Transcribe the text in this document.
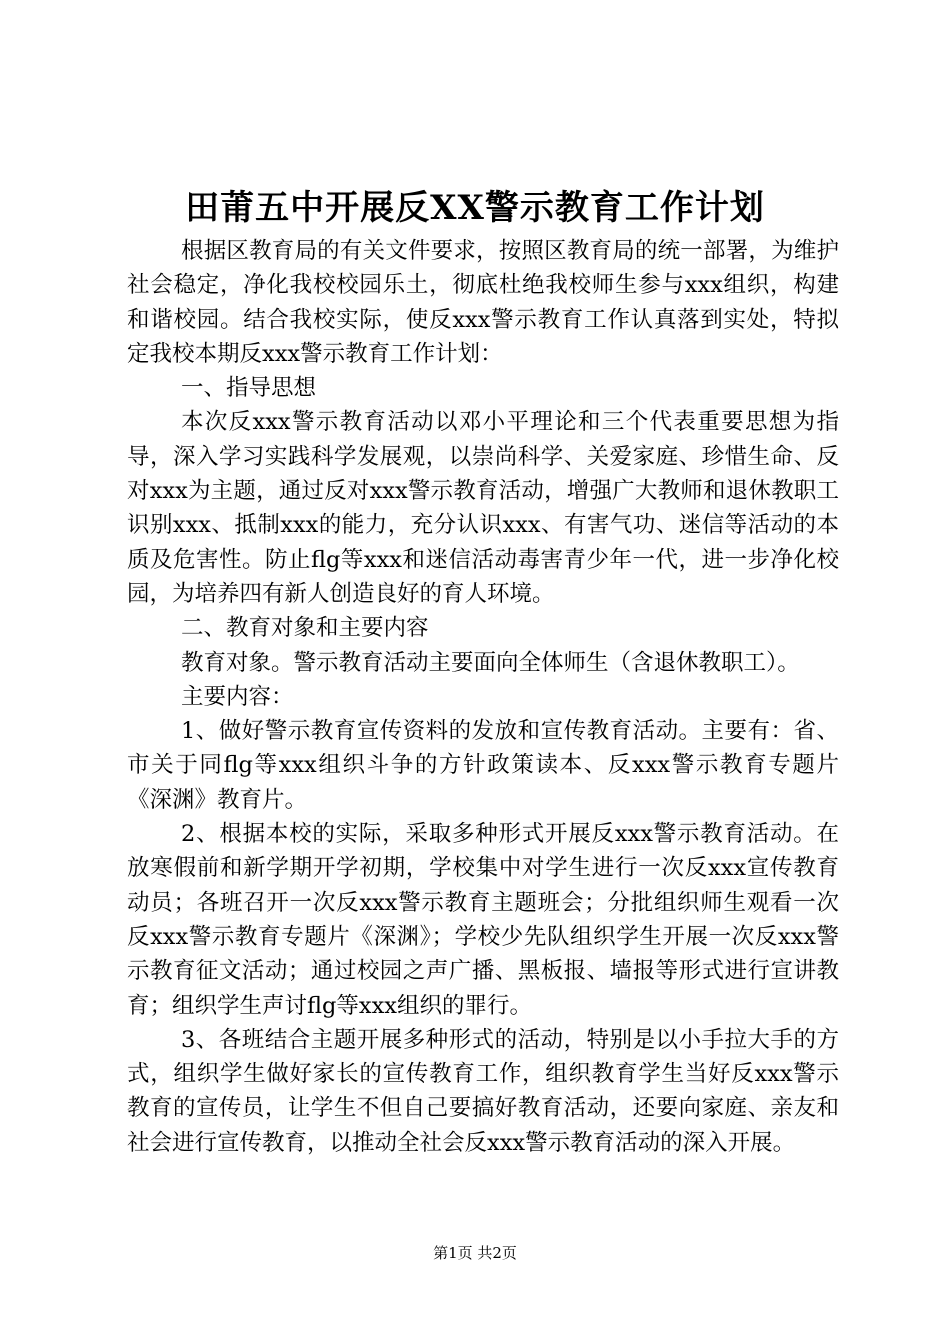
田莆五中开展反XX警示教育工作计划

根据区教育局的有关文件要求，按照区教育局的统一部署，为维护社会稳定，净化我校校园乐土，彻底杜绝我校师生参与xxx组织，构建和谐校园。结合我校实际，使反xxx警示教育工作认真落到实处，特拟定我校本期反xxx警示教育工作计划：

一、指导思想

本次反xxx警示教育活动以邓小平理论和三个代表重要思想为指导，深入学习实践科学发展观，以崇尚科学、关爱家庭、珍惜生命、反对xxx为主题，通过反对xxx警示教育活动，增强广大教师和退休教职工识别xxx、抵制xxx的能力，充分认识xxx、有害气功、迷信等活动的本质及危害性。防止flg等xxx和迷信活动毒害青少年一代，进一步净化校园，为培养四有新人创造良好的育人环境。

二、教育对象和主要内容

教育对象。警示教育活动主要面向全体师生（含退休教职工）。

主要内容：

1、做好警示教育宣传资料的发放和宣传教育活动。主要有：省、市关于同flg等xxx组织斗争的方针政策读本、反xxx警示教育专题片《深渊》教育片。

2、根据本校的实际，采取多种形式开展反xxx警示教育活动。在放寒假前和新学期开学初期，学校集中对学生进行一次反xxx宣传教育动员；各班召开一次反xxx警示教育主题班会；分批组织师生观看一次反xxx警示教育专题片《深渊》；学校少先队组织学生开展一次反xxx警示教育征文活动；通过校园之声广播、黑板报、墙报等形式进行宣讲教育；组织学生声讨flg等xxx组织的罪行。

3、各班结合主题开展多种形式的活动，特别是以小手拉大手的方式，组织学生做好家长的宣传教育工作，组织教育学生当好反xxx警示教育的宣传员，让学生不但自己要搞好教育活动，还要向家庭、亲友和社会进行宣传教育，以推动全社会反xxx警示教育活动的深入开展。

第1页 共2页
